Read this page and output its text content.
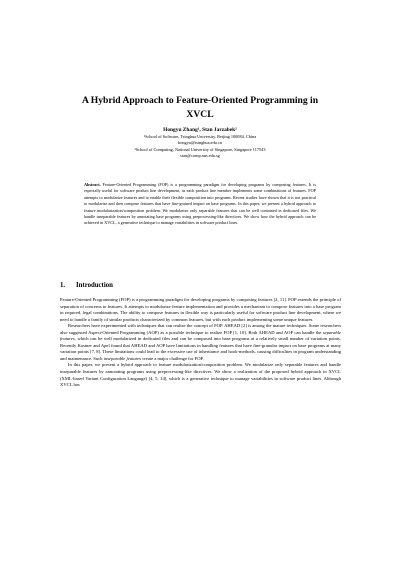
A Hybrid Approach to Feature-Oriented Programming in
XVCL
Hongyu Zhang¹, Stan Jarzabek²
¹School of Software, Tsinghua University, Beijing 100084, China
hongyu@tsinghua.edu.cn
²School of Computing, National University of Singapore, Singapore 117543
stan@comp.nus.edu.sg
Abstract. Feature-Oriented Programming (FOP) is a programming paradigm for developing programs by composing features. It is especially useful for software product line development, as each product line member implements some combinations of features. FOP attempts to modularize features and to enable their flexible composition into programs. Recent studies have shown that it is not practical to modularize and then compose features that have fine-grained impact on base programs. In this paper, we present a hybrid approach to feature modularization/composition problem. We modularize only separable features that can be well contained in dedicated files. We handle inseparable features by annotating base programs using preprocessing-like directives. We show how the hybrid approach can be achieved in XVCL, a generative technique to manage variabilities in software product lines.
1. Introduction

Feature-Oriented Programming (FOP) is a programming paradigm for developing programs by composing features [2, 11]. FOP extends the principle of separation of concerns to features. It attempts to modularize feature implementation and provides a mechanism to compose features into a base program in required, legal combinations. The ability to compose features in flexible way is particularly useful for software product line development, where we need to handle a family of similar products characterized by common features, but with each product implementing some unique features.

Researchers have experimented with techniques that can realize the concept of FOP. AHEAD [2] is among the mature techniques. Some researchers also suggested Aspect-Oriented Programming (AOP) as a possible technique to realize FOP [1, 10]. Both AHEAD and AOP can handle the separable features, which can be well modularized in dedicated files and can be composed into base programs at a relatively small number of variation points. Recently Kastner and Apel found that AHEAD and AOP have limitations in handling features that have fine-granular impact on base programs at many variation points [7, 8]. These limitations could lead to the excessive use of inheritance and hook-methods, causing difficulties in program understanding and maintenance. Such inseparable features create a major challenge for FOP.

In this paper, we present a hybrid approach to feature modularization/composition problem. We modularize only separable features and handle inseparable features by annotating programs using preprocessing-like directives. We show a realization of the proposed hybrid approach in XVCL (XML-based Variant Configuration Langauge) [4, 5, 14], which is a generative technique to manage variabilities in software product lines. Although XVCL has
